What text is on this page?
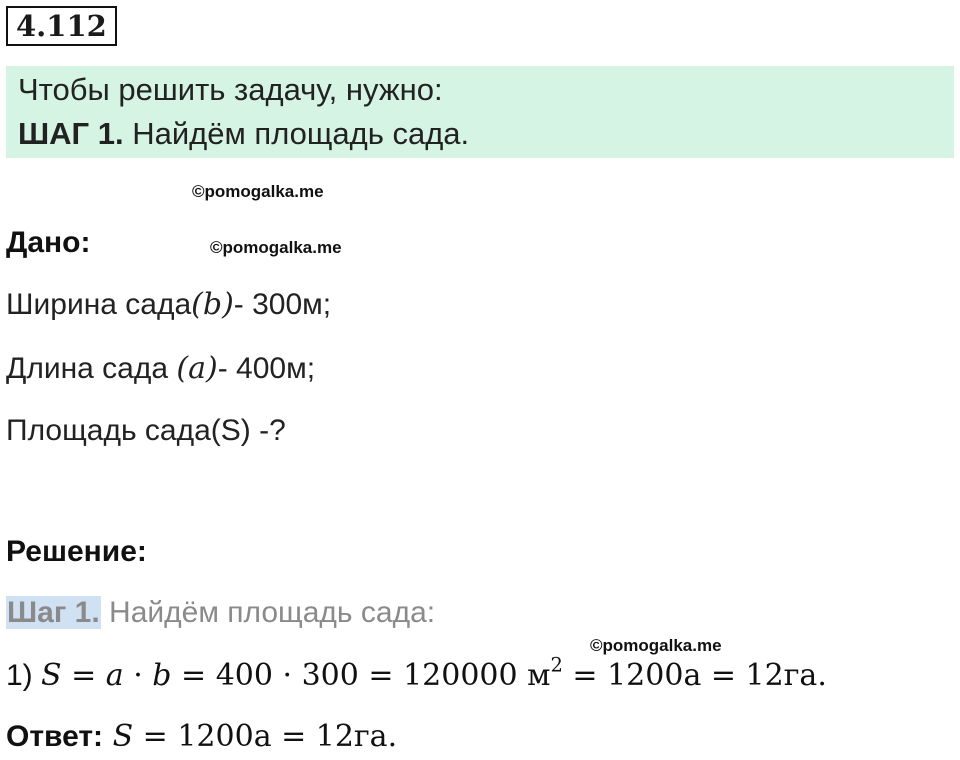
4.112
Чтобы решить задачу, нужно:
ШАГ 1. Найдём площадь сада.
©pomogalka.me
©pomogalka.me
©pomogalka.me
Дано:
Ширина сада(b)- 300м;
Длина сада (a)- 400м;
Площадь сада(S) -?
Решение:
Шаг 1. Найдём площадь сада:
1) S = a · b = 400 · 300 = 120000 $м^2 = 1200а = 12га$.
Ответ: S = 1200а = 12га.
